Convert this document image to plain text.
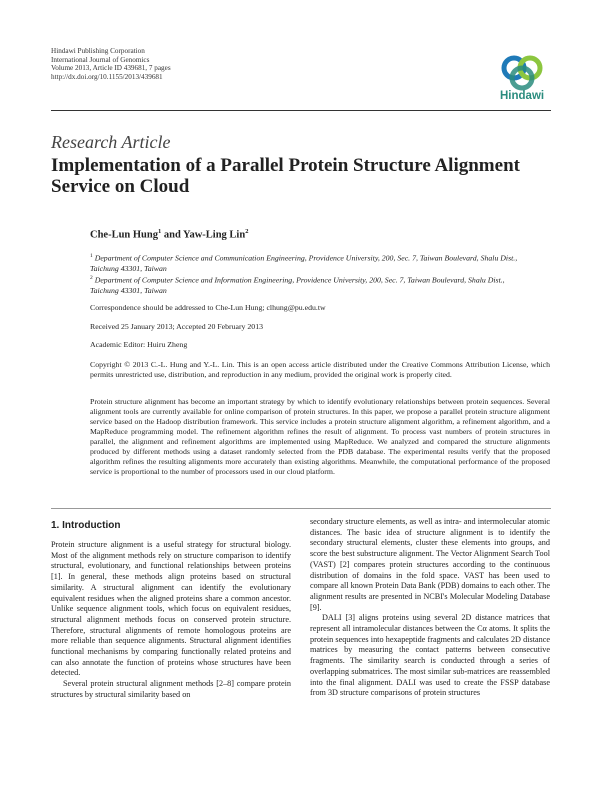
Hindawi Publishing Corporation
International Journal of Genomics
Volume 2013, Article ID 439681, 7 pages
http://dx.doi.org/10.1155/2013/439681
Hindawi
Research Article
Implementation of a Parallel Protein Structure Alignment Service on Cloud
Che-Lun Hung$^1$ and Yaw-Ling Lin$^2$
$^1$ Department of Computer Science and Communication Engineering, Providence University, 200, Sec. 7, Taiwan Boulevard, Shalu Dist., Taichung 43301, Taiwan
$^2$ Department of Computer Science and Information Engineering, Providence University, 200, Sec. 7, Taiwan Boulevard, Shalu Dist., Taichung 43301, Taiwan
Correspondence should be addressed to Che-Lun Hung; clhung@pu.edu.tw
Received 25 January 2013; Accepted 20 February 2013
Academic Editor: Huiru Zheng
Copyright © 2013 C.-L. Hung and Y.-L. Lin. This is an open access article distributed under the Creative Commons Attribution License, which permits unrestricted use, distribution, and reproduction in any medium, provided the original work is properly cited.
Protein structure alignment has become an important strategy by which to identify evolutionary relationships between protein sequences. Several alignment tools are currently available for online comparison of protein structures. In this paper, we propose a parallel protein structure alignment service based on the Hadoop distribution framework. This service includes a protein structure alignment algorithm, a refinement algorithm, and a MapReduce programming model. The refinement algorithm refines the result of alignment. To process vast numbers of protein structures in parallel, the alignment and refinement algorithms are implemented using MapReduce. We analyzed and compared the structure alignments produced by different methods using a dataset randomly selected from the PDB database. The experimental results verify that the proposed algorithm refines the resulting alignments more accurately than existing algorithms. Meanwhile, the computational performance of the proposed service is proportional to the number of processors used in our cloud platform.
1. Introduction

Protein structure alignment is a useful strategy for structural biology. Most of the alignment methods rely on structure comparison to identify structural, evolutionary, and functional relationships between proteins [1]. In general, these methods align proteins based on structural similarity. A structural alignment can identify the evolutionary equivalent residues when the aligned proteins share a common ancestor. Unlike sequence alignment tools, which focus on equivalent residues, structural alignment methods focus on conserved protein structure. Therefore, structural alignments of remote homologous proteins are more reliable than sequence alignments. Structural alignment identifies functional mechanisms by comparing functionally related proteins and can also annotate the function of proteins whose structures have been detected.

Several protein structural alignment methods [2–8] compare protein structures by structural similarity based on

secondary structure elements, as well as intra- and intermolecular atomic distances. The basic idea of structure alignment is to identify the secondary structural elements, cluster these elements into groups, and score the best substructure alignment. The Vector Alignment Search Tool (VAST) [2] compares protein structures according to the continuous distribution of domains in the fold space. VAST has been used to compare all known Protein Data Bank (PDB) domains to each other. The alignment results are presented in NCBI's Molecular Modeling Database [9].

DALI [3] aligns proteins using several 2D distance matrices that represent all intramolecular distances between the Cα atoms. It splits the protein sequences into hexapeptide fragments and calculates 2D distance matrices by measuring the contact patterns between consecutive fragments. The similarity search is conducted through a series of overlapping submatrices. The most similar sub-matrices are reassembled into the final alignment. DALI was used to create the FSSP database from 3D structure comparisons of protein structures
